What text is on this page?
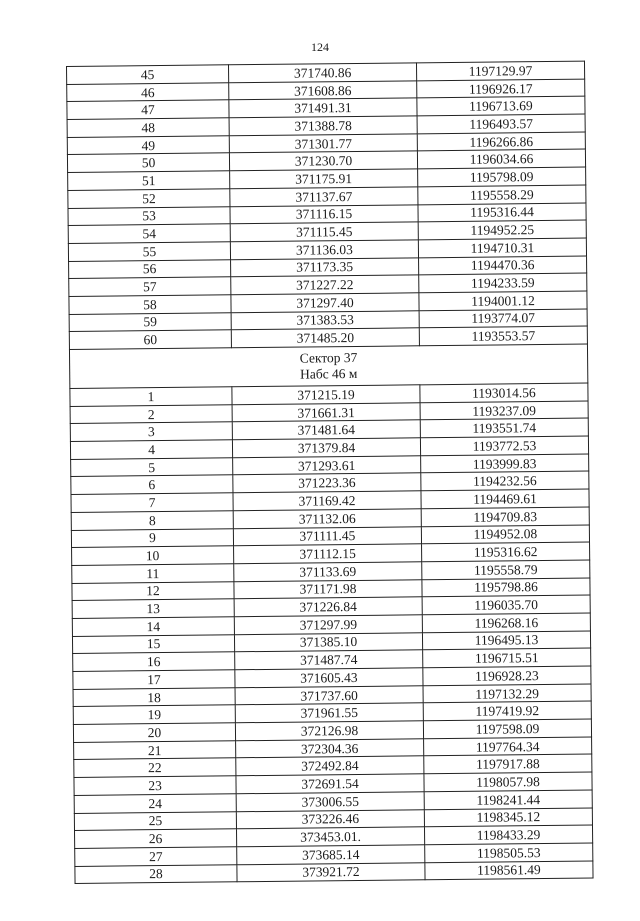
124
45	371740.86	1197129.97
46	371608.86	1196926.17
47	371491.31	1196713.69
48	371388.78	1196493.57
49	371301.77	1196266.86
50	371230.70	1196034.66
51	371175.91	1195798.09
52	371137.67	1195558.29
53	371116.15	1195316.44
54	371115.45	1194952.25
55	371136.03	1194710.31
56	371173.35	1194470.36
57	371227.22	1194233.59
58	371297.40	1194001.12
59	371383.53	1193774.07
60	371485.20	1193553.57

Сектор 37
Набс 46 м		

1	371215.19	1193014.56
2	371661.31	1193237.09
3	371481.64	1193551.74
4	371379.84	1193772.53
5	371293.61	1193999.83
6	371223.36	1194232.56
7	371169.42	1194469.61
8	371132.06	1194709.83
9	371111.45	1194952.08
10	371112.15	1195316.62
11	371133.69	1195558.79
12	371171.98	1195798.86
13	371226.84	1196035.70
14	371297.99	1196268.16
15	371385.10	1196495.13
16	371487.74	1196715.51
17	371605.43	1196928.23
18	371737.60	1197132.29
19	371961.55	1197419.92
20	372126.98	1197598.09
21	372304.36	1197764.34
22	372492.84	1197917.88
23	372691.54	1198057.98
24	373006.55	1198241.44
25	373226.46	1198345.12
26	373453.01.	1198433.29
27	373685.14	1198505.53
28	373921.72	1198561.49
